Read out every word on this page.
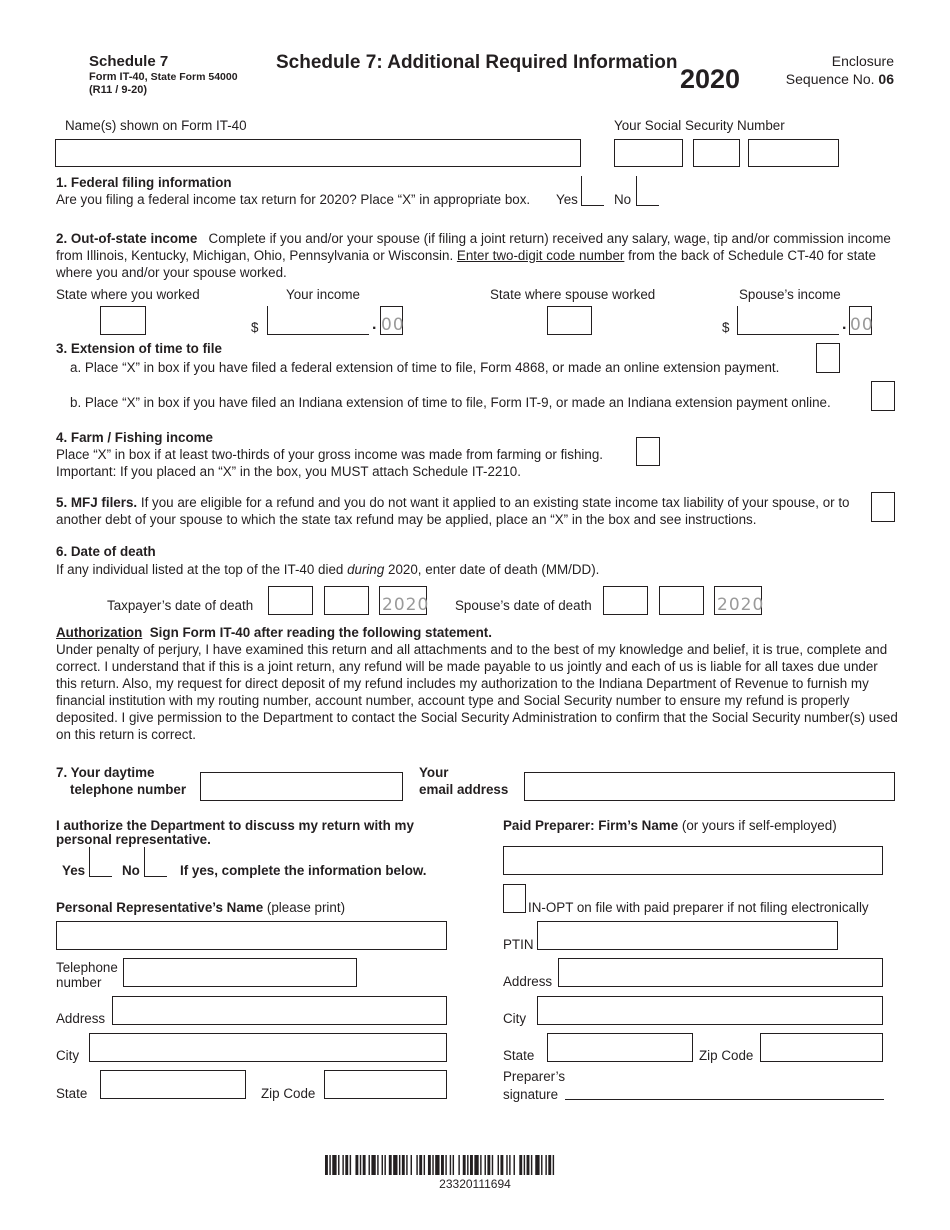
Schedule 7
Form IT-40, State Form 54000
(R11 / 9-20)
Schedule 7: Additional Required Information
2020
Enclosure
Sequence No. 06
Name(s) shown on Form IT-40	Your Social Security Number
1. Federal filing information
Are you filing a federal income tax return for 2020? Place “X” in appropriate box. Yes	No
2. Out-of-state income Complete if you and/or your spouse (if filing a joint return) received any salary, wage, tip and/or commission income from Illinois, Kentucky, Michigan, Ohio, Pennsylvania or Wisconsin. Enter two-digit code number from the back of Schedule CT-40 for state where you and/or your spouse worked.
State where you worked	Your income	State where spouse worked	Spouse’s income
$	. 00	$	. 00
3. Extension of time to file
a. Place “X” in box if you have filed a federal extension of time to file, Form 4868, or made an online extension payment.
b. Place “X” in box if you have filed an Indiana extension of time to file, Form IT-9, or made an Indiana extension payment online.
4. Farm / Fishing income
Place “X” in box if at least two-thirds of your gross income was made from farming or fishing.
Important: If you placed an “X” in the box, you MUST attach Schedule IT-2210.
5. MFJ filers. If you are eligible for a refund and you do not want it applied to an existing state income tax liability of your spouse, or to another debt of your spouse to which the state tax refund may be applied, place an “X” in the box and see instructions.
6. Date of death
If any individual listed at the top of the IT-40 died during 2020, enter date of death (MM/DD).
Taxpayer’s date of death	2020 Spouse’s date of death	2020
Authorization Sign Form IT-40 after reading the following statement.
Under penalty of perjury, I have examined this return and all attachments and to the best of my knowledge and belief, it is true, complete and correct. I understand that if this is a joint return, any refund will be made payable to us jointly and each of us is liable for all taxes due under this return. Also, my request for direct deposit of my refund includes my authorization to the Indiana Department of Revenue to furnish my financial institution with my routing number, account number, account type and Social Security number to ensure my refund is properly deposited. I give permission to the Department to contact the Social Security Administration to confirm that the Social Security number(s) used on this return is correct.
7. Your daytime
telephone number
Your
email address
I authorize the Department to discuss my return with my
personal representative.
Yes	No	If yes, complete the information below.
Personal Representative’s Name (please print)
Telephone
number
Address
City
State	Zip Code
Paid Preparer: Firm’s Name (or yours if self-employed)
IN-OPT on file with paid preparer if not filing electronically
PTIN
Address
City
State	Zip Code
Preparer’s
signature
23320111694
